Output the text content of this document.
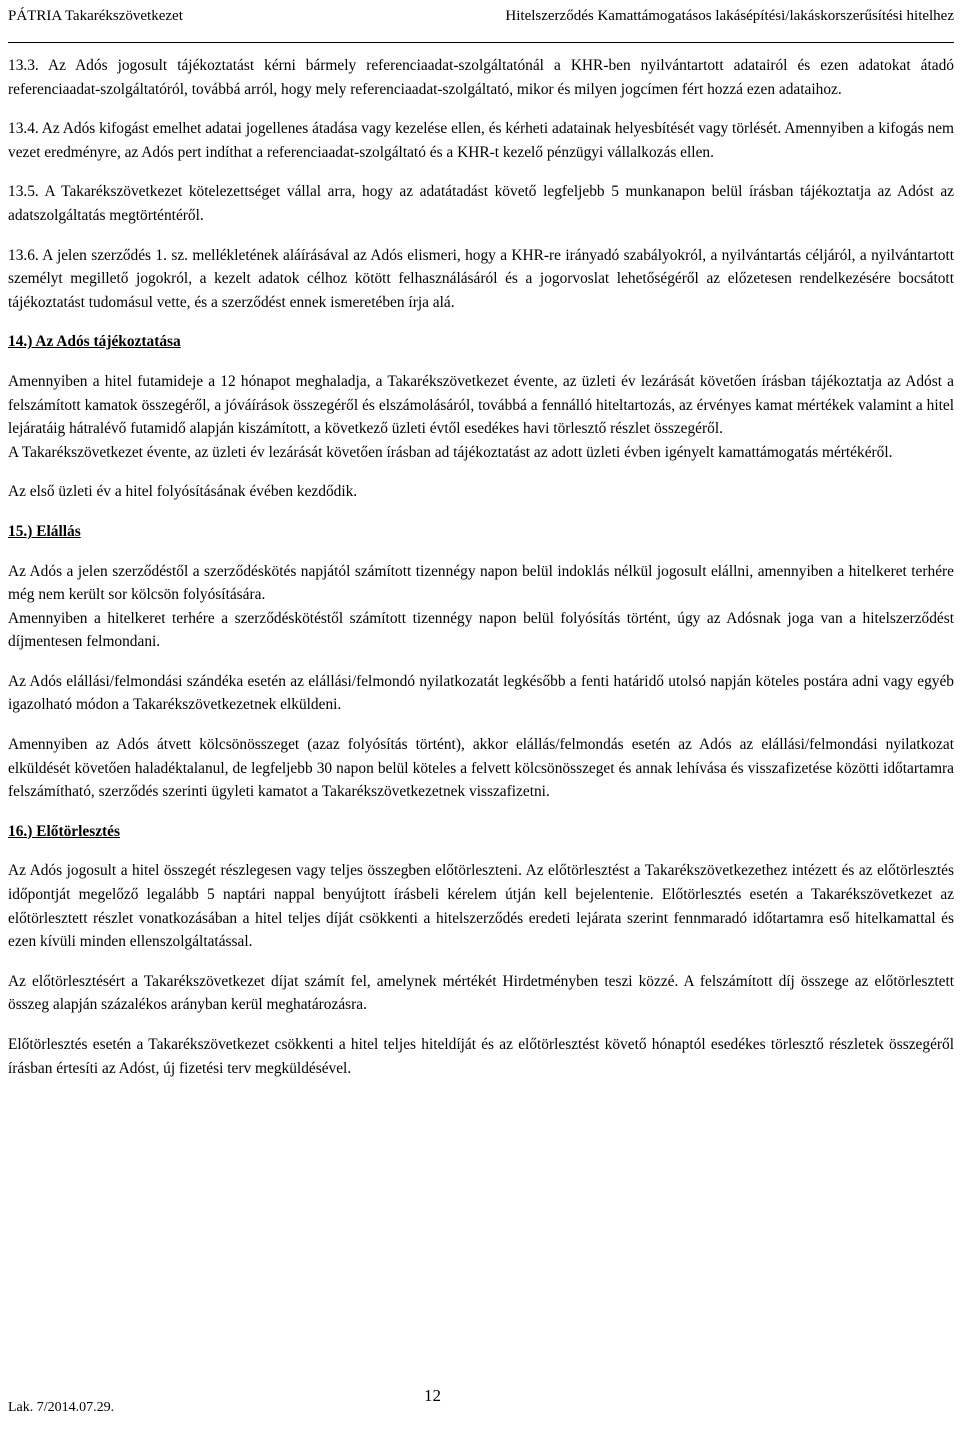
PÁTRIA Takarékszövetkezet	Hitelszerződés Kamattámogatásos lakásépítési/lakáskorszerűsítési hitelhez

13.3. Az Adós jogosult tájékoztatást kérni bármely referenciaadat-szolgáltatónál a KHR-ben nyilvántartott adatairól és ezen adatokat átadó referenciaadat-szolgáltatóról, továbbá arról, hogy mely referenciaadat-szolgáltató, mikor és milyen jogcímen fért hozzá ezen adataihoz.

13.4. Az Adós kifogást emelhet adatai jogellenes átadása vagy kezelése ellen, és kérheti adatainak helyesbítését vagy törlését. Amennyiben a kifogás nem vezet eredményre, az Adós pert indíthat a referenciaadat-szolgáltató és a KHR-t kezelő pénzügyi vállalkozás ellen.

13.5. A Takarékszövetkezet kötelezettséget vállal arra, hogy az adatátadást követő legfeljebb 5 munkanapon belül írásban tájékoztatja az Adóst az adatszolgáltatás megtörténtéről.

13.6. A jelen szerződés 1. sz. mellékletének aláírásával az Adós elismeri, hogy a KHR-re irányadó szabályokról, a nyilvántartás céljáról, a nyilvántartott személyt megillető jogokról, a kezelt adatok célhoz kötött felhasználásáról és a jogorvoslat lehetőségéről az előzetesen rendelkezésére bocsátott tájékoztatást tudomásul vette, és a szerződést ennek ismeretében írja alá.

14.) Az Adós tájékoztatása

Amennyiben a hitel futamideje a 12 hónapot meghaladja, a Takarékszövetkezet évente, az üzleti év lezárását követően írásban tájékoztatja az Adóst a felszámított kamatok összegéről, a jóváírások összegéről és elszámolásáról, továbbá a fennálló hiteltartozás, az érvényes kamat mértékek valamint a hitel lejáratáig hátralévő futamidő alapján kiszámított, a következő üzleti évtől esedékes havi törlesztő részlet összegéről.

A Takarékszövetkezet évente, az üzleti év lezárását követően írásban ad tájékoztatást az adott üzleti évben igényelt kamattámogatás mértékéről.

Az első üzleti év a hitel folyósításának évében kezdődik.

15.) Elállás

Az Adós a jelen szerződéstől a szerződéskötés napjától számított tizennégy napon belül indoklás nélkül jogosult elállni, amennyiben a hitelkeret terhére még nem került sor kölcsön folyósítására.

Amennyiben a hitelkeret terhére a szerződéskötéstől számított tizennégy napon belül folyósítás történt, úgy az Adósnak joga van a hitelszerződést díjmentesen felmondani.

Az Adós elállási/felmondási szándéka esetén az elállási/felmondó nyilatkozatát legkésőbb a fenti határidő utolsó napján köteles postára adni vagy egyéb igazolható módon a Takarékszövetkezetnek elküldeni.

Amennyiben az Adós átvett kölcsönösszeget (azaz folyósítás történt), akkor elállás/felmondás esetén az Adós az elállási/felmondási nyilatkozat elküldését követően haladéktalanul, de legfeljebb 30 napon belül köteles a felvett kölcsönösszeget és annak lehívása és visszafizetése közötti időtartamra felszámítható, szerződés szerinti ügyleti kamatot a Takarékszövetkezetnek visszafizetni.

16.) Előtörlesztés

Az Adós jogosult a hitel összegét részlegesen vagy teljes összegben előtörleszteni. Az előtörlesztést a Takarékszövetkezethez intézett és az előtörlesztés időpontját megelőző legalább 5 naptári nappal benyújtott írásbeli kérelem útján kell bejelentenie. Előtörlesztés esetén a Takarékszövetkezet az előtörlesztett részlet vonatkozásában a hitel teljes díját csökkenti a hitelszerződés eredeti lejárata szerint fennmaradó időtartamra eső hitelkamattal és ezen kívüli minden ellenszolgáltatással.

Az előtörlesztésért a Takarékszövetkezet díjat számít fel, amelynek mértékét Hirdetményben teszi közzé. A felszámított díj összege az előtörlesztett összeg alapján százalékos arányban kerül meghatározásra.

Előtörlesztés esetén a Takarékszövetkezet csökkenti a hitel teljes hiteldíját és az előtörlesztést követő hónaptól esedékes törlesztő részletek összegéről írásban értesíti az Adóst, új fizetési terv megküldésével.

Lak. 7/2014.07.29.
12
